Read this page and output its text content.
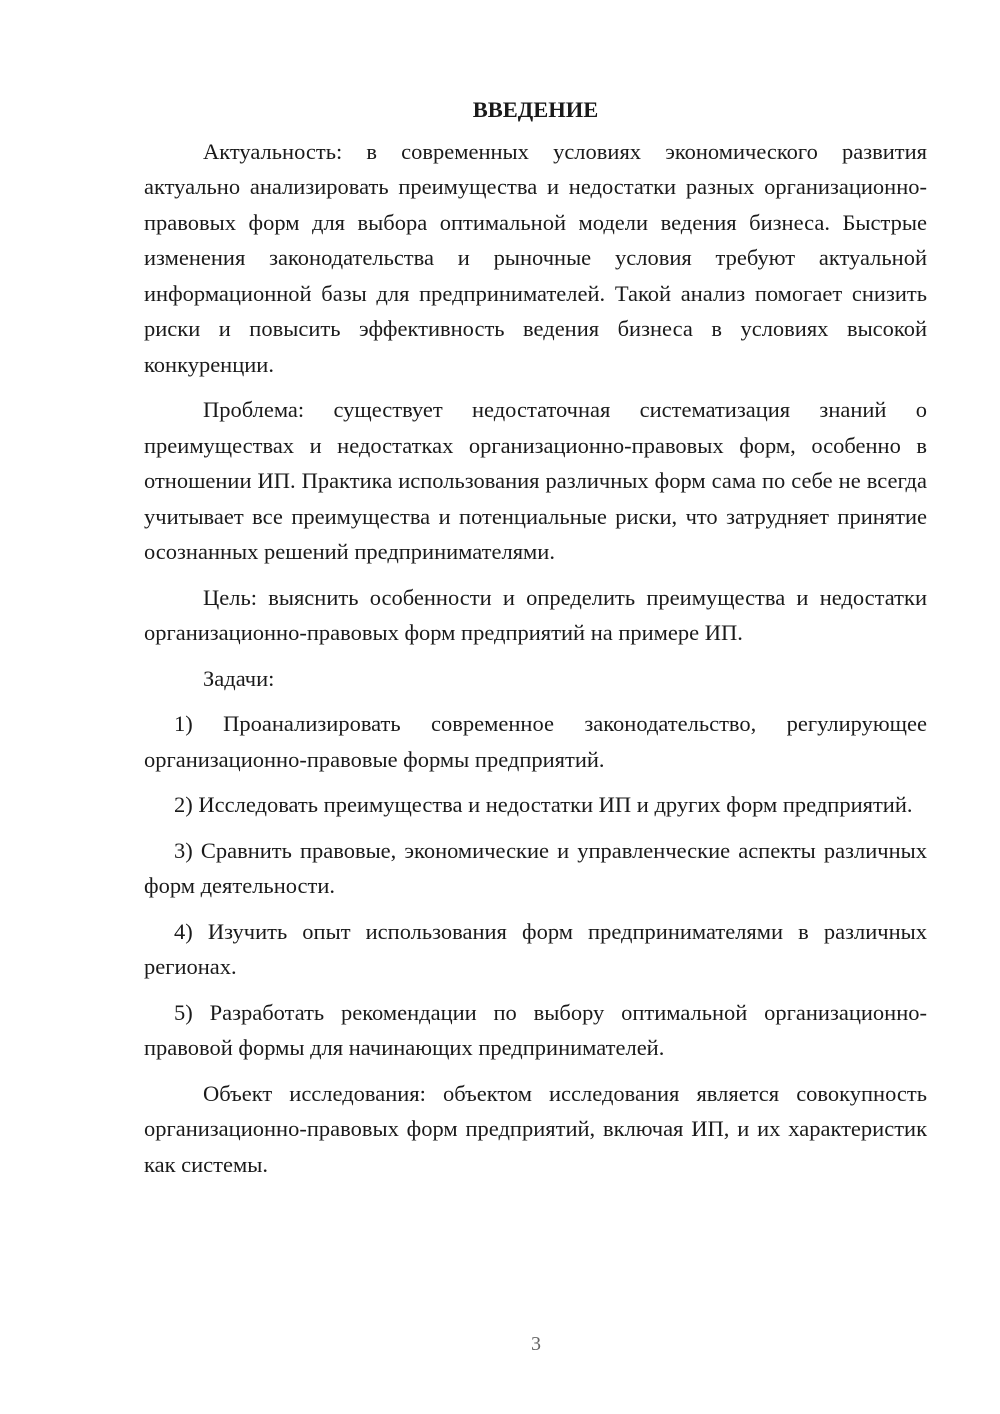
ВВЕДЕНИЕ

Актуальность: в современных условиях экономического развития актуально анализировать преимущества и недостатки разных организационно-правовых форм для выбора оптимальной модели ведения бизнеса. Быстрые изменения законодательства и рыночные условия требуют актуальной информационной базы для предпринимателей. Такой анализ помогает снизить риски и повысить эффективность ведения бизнеса в условиях высокой конкуренции.

Проблема: существует недостаточная систематизация знаний о преимуществах и недостатках организационно-правовых форм, особенно в отношении ИП. Практика использования различных форм сама по себе не всегда учитывает все преимущества и потенциальные риски, что затрудняет принятие осознанных решений предпринимателями.

Цель: выяснить особенности и определить преимущества и недостатки организационно-правовых форм предприятий на примере ИП.

Задачи:

1) Проанализировать современное законодательство, регулирующее организационно-правовые формы предприятий.

2) Исследовать преимущества и недостатки ИП и других форм предприятий.

3) Сравнить правовые, экономические и управленческие аспекты различных форм деятельности.

4) Изучить опыт использования форм предпринимателями в различных регионах.

5) Разработать рекомендации по выбору оптимальной организационно-правовой формы для начинающих предпринимателей.

Объект исследования: объектом исследования является совокупность организационно-правовых форм предприятий, включая ИП, и их характеристик как системы.

3
